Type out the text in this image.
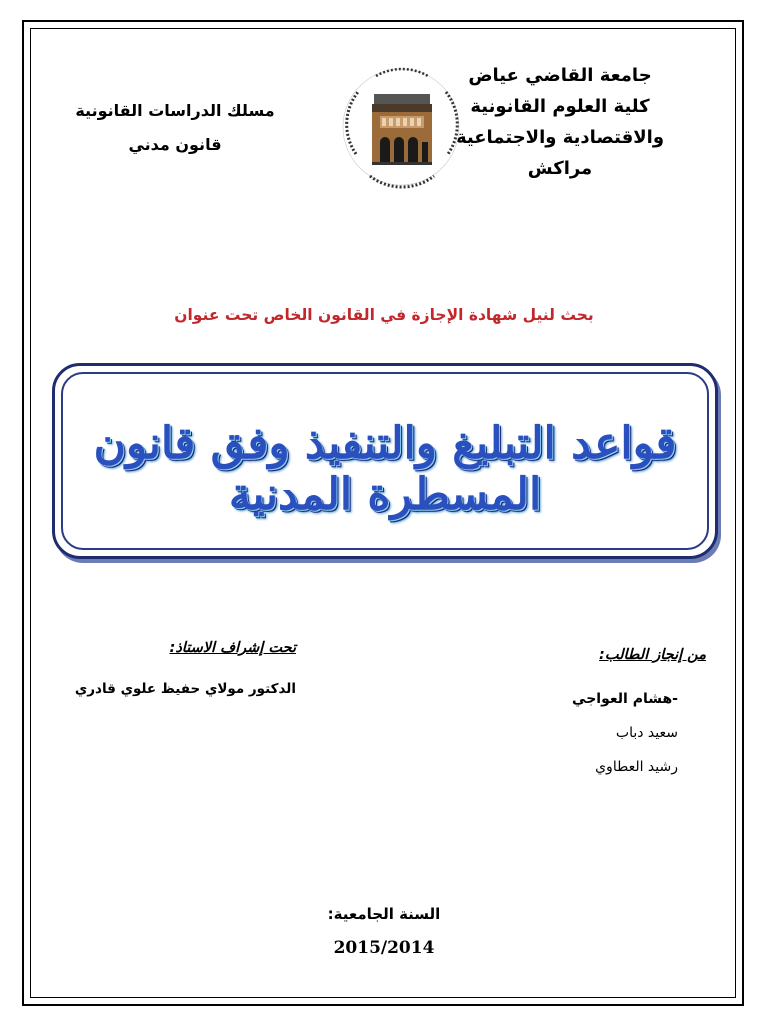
جامعة القاضي عياض
كلية العلوم القانونية
والاقتصادية والاجتماعية
مراكش
مسلك الدراسات القانونية
قانون مدني
بحث لنيل شهادة الإجازة في القانون الخاص تحت عنوان
قواعد التبليغ والتنفيذ وفق قانون المسطرة المدنية
تحت إشراف الاستاذ:
الدكتور مولاي حفيظ علوي قادري
من إنجاز الطالب:
-هشام العواجي
سعيد دباب
رشيد العطاوي
السنة الجامعية:
2015/2014
